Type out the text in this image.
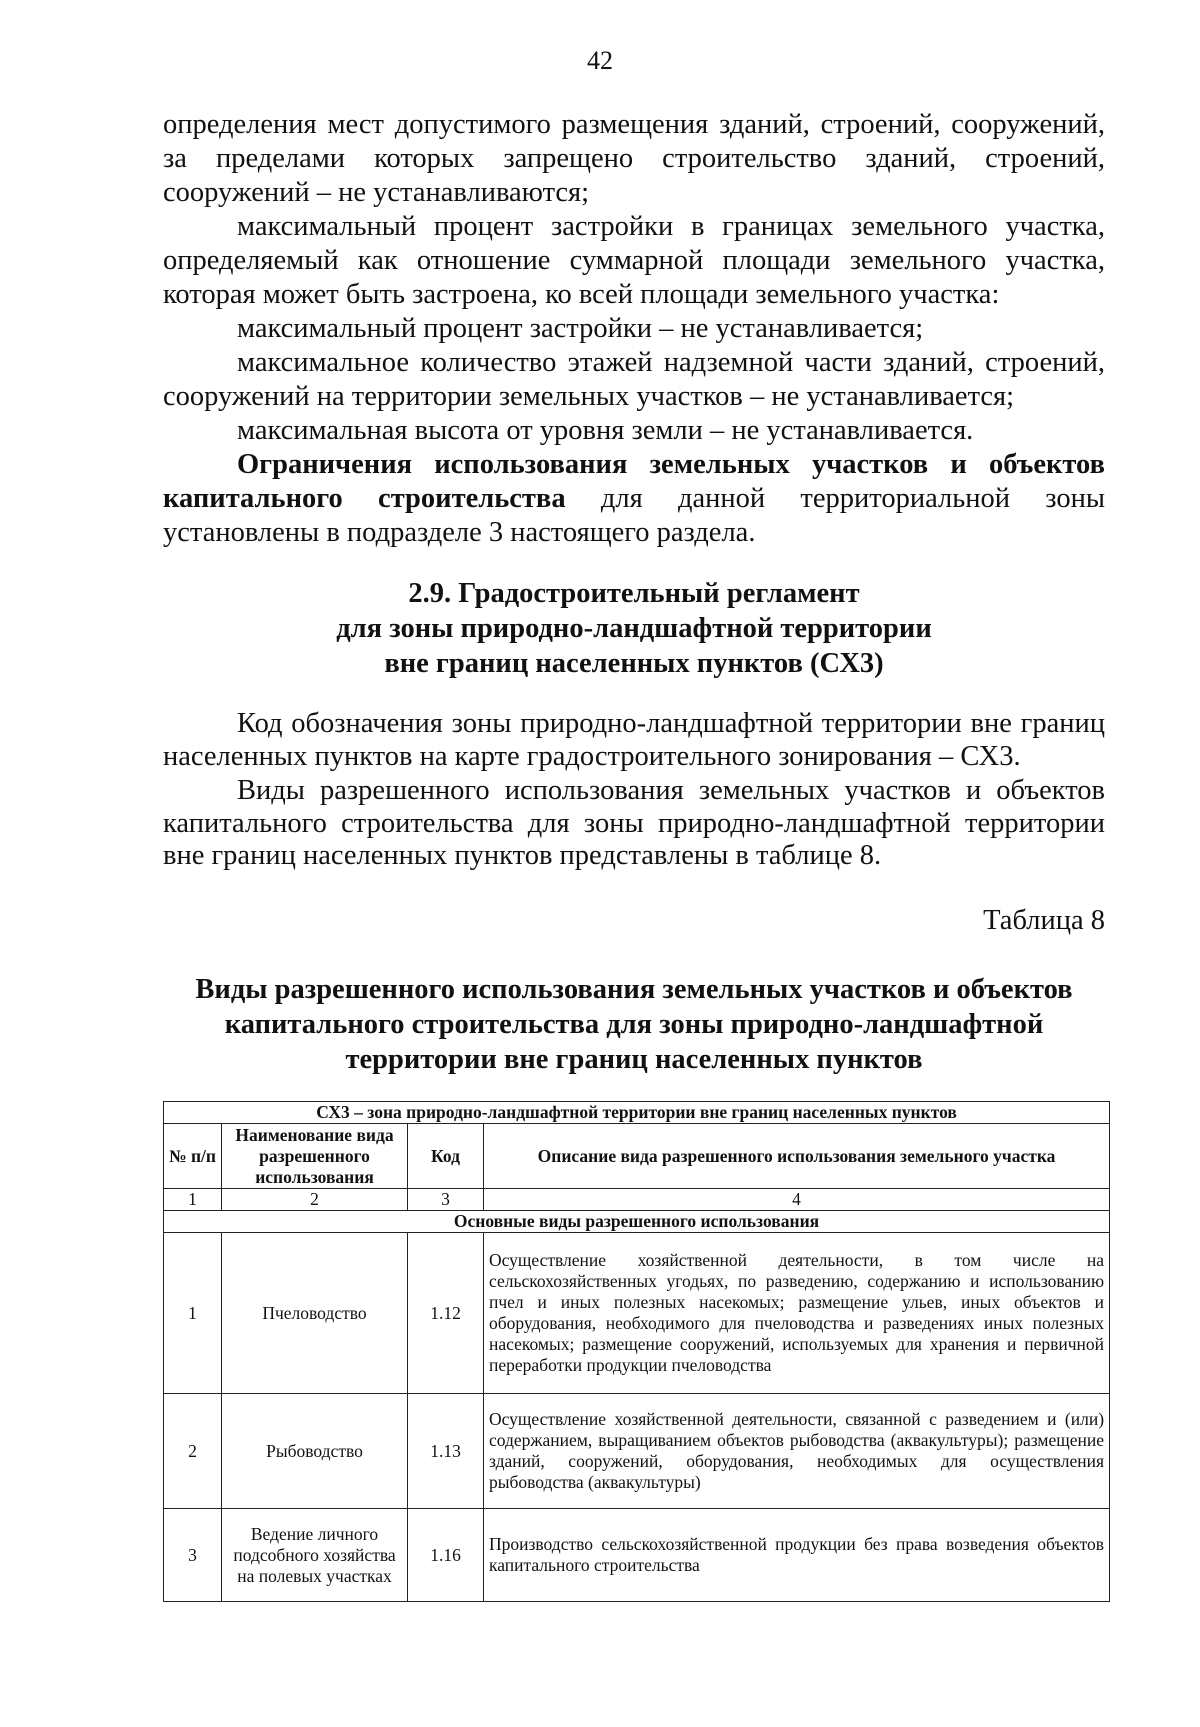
42

определения мест допустимого размещения зданий, строений, сооружений, за пределами которых запрещено строительство зданий, строений, сооружений – не устанавливаются;

максимальный процент застройки в границах земельного участка, определяемый как отношение суммарной площади земельного участка, которая может быть застроена, ко всей площади земельного участка:

максимальный процент застройки – не устанавливается;

максимальное количество этажей надземной части зданий, строений, сооружений на территории земельных участков – не устанавливается;

максимальная высота от уровня земли – не устанавливается.

Ограничения использования земельных участков и объектов капитального строительства для данной территориальной зоны установлены в подразделе 3 настоящего раздела.

2.9. Градостроительный регламент
для зоны природно-ландшафтной территории
вне границ населенных пунктов (СХ3)

Код обозначения зоны природно-ландшафтной территории вне границ населенных пунктов на карте градостроительного зонирования – СХ3.

Виды разрешенного использования земельных участков и объектов капитального строительства для зоны природно-ландшафтной территории вне границ населенных пунктов представлены в таблице 8.

Таблица 8
Виды разрешенного использования земельных участков и объектов
капитального строительства для зоны природно-ландшафтной
территории вне границ населенных пунктов
СХ3 – зона природно-ландшафтной территории вне границ населенных пунктов			
№ п/п	Наименование вида разрешенного использования	Код	Описание вида разрешенного использования земельного участка
1	2	3	4
Основные виды разрешенного использования			
1	Пчеловодство	1.12	Осуществление хозяйственной деятельности, в том числе на сельскохозяйственных угодьях, по разведению, содержанию и использованию пчел и иных полезных насекомых; размещение ульев, иных объектов и оборудования, необходимого для пчеловодства и разведениях иных полезных насекомых; размещение сооружений, используемых для хранения и первичной переработки продукции пчеловодства
2	Рыбоводство	1.13	Осуществление хозяйственной деятельности, связанной с разведением и (или) содержанием, выращиванием объектов рыбоводства (аквакультуры); размещение зданий, сооружений, оборудования, необходимых для осуществления рыбоводства (аквакультуры)
3	Ведение личного подсобного хозяйства на полевых участках	1.16	Производство сельскохозяйственной продукции без права возведения объектов капитального строительства
